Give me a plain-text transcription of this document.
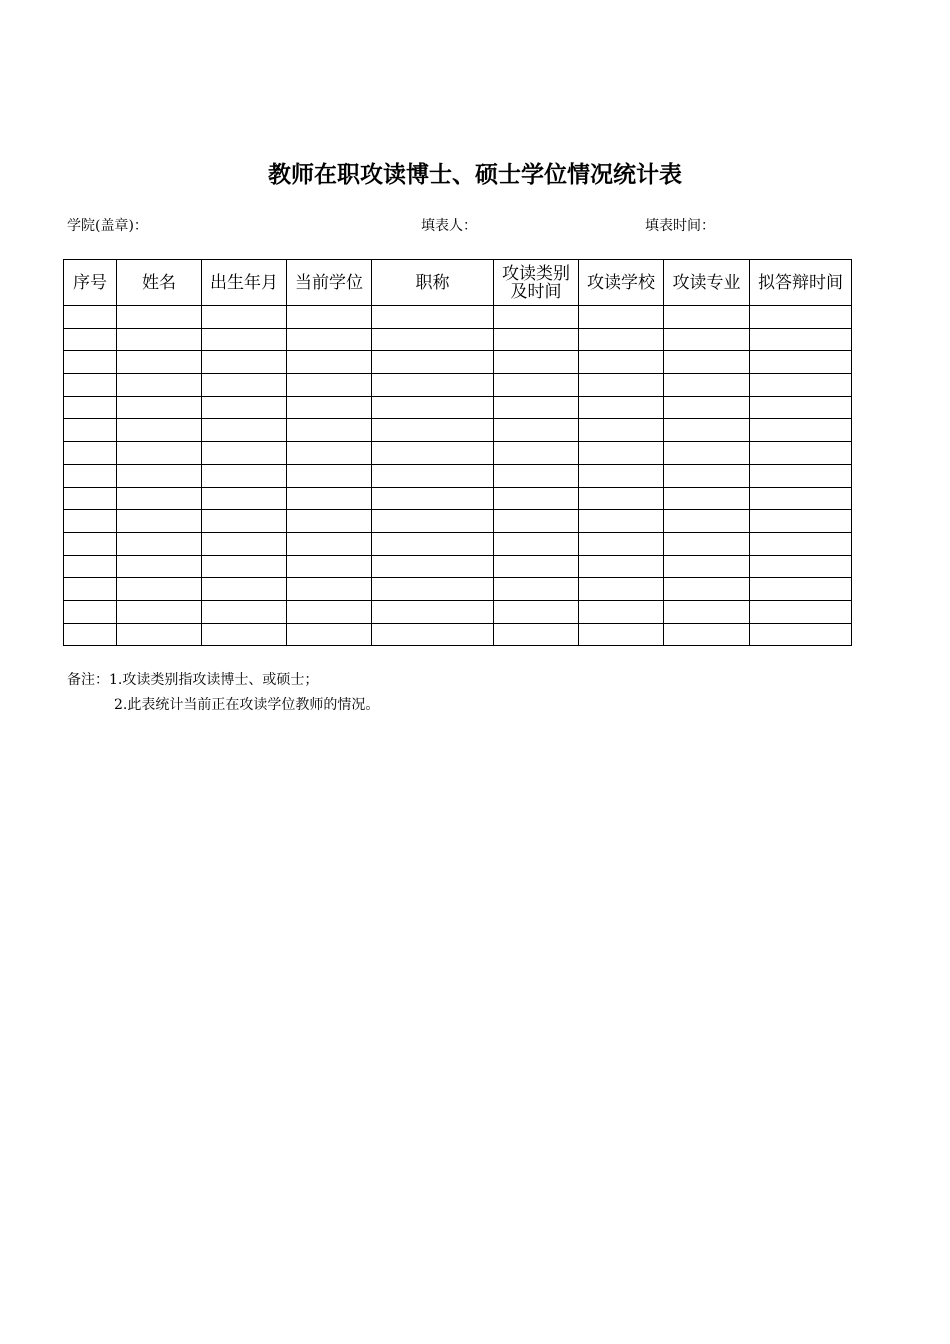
教师在职攻读博士、硕士学位情况统计表
学院(盖章)：	填表人：	填表时间：
序号	姓名	出生年月	当前学位	职称	攻读类别及时间	攻读学校	攻读专业	拟答辩时间

备注：1.攻读类别指攻读博士、或硕士；
2.此表统计当前正在攻读学位教师的情况。
